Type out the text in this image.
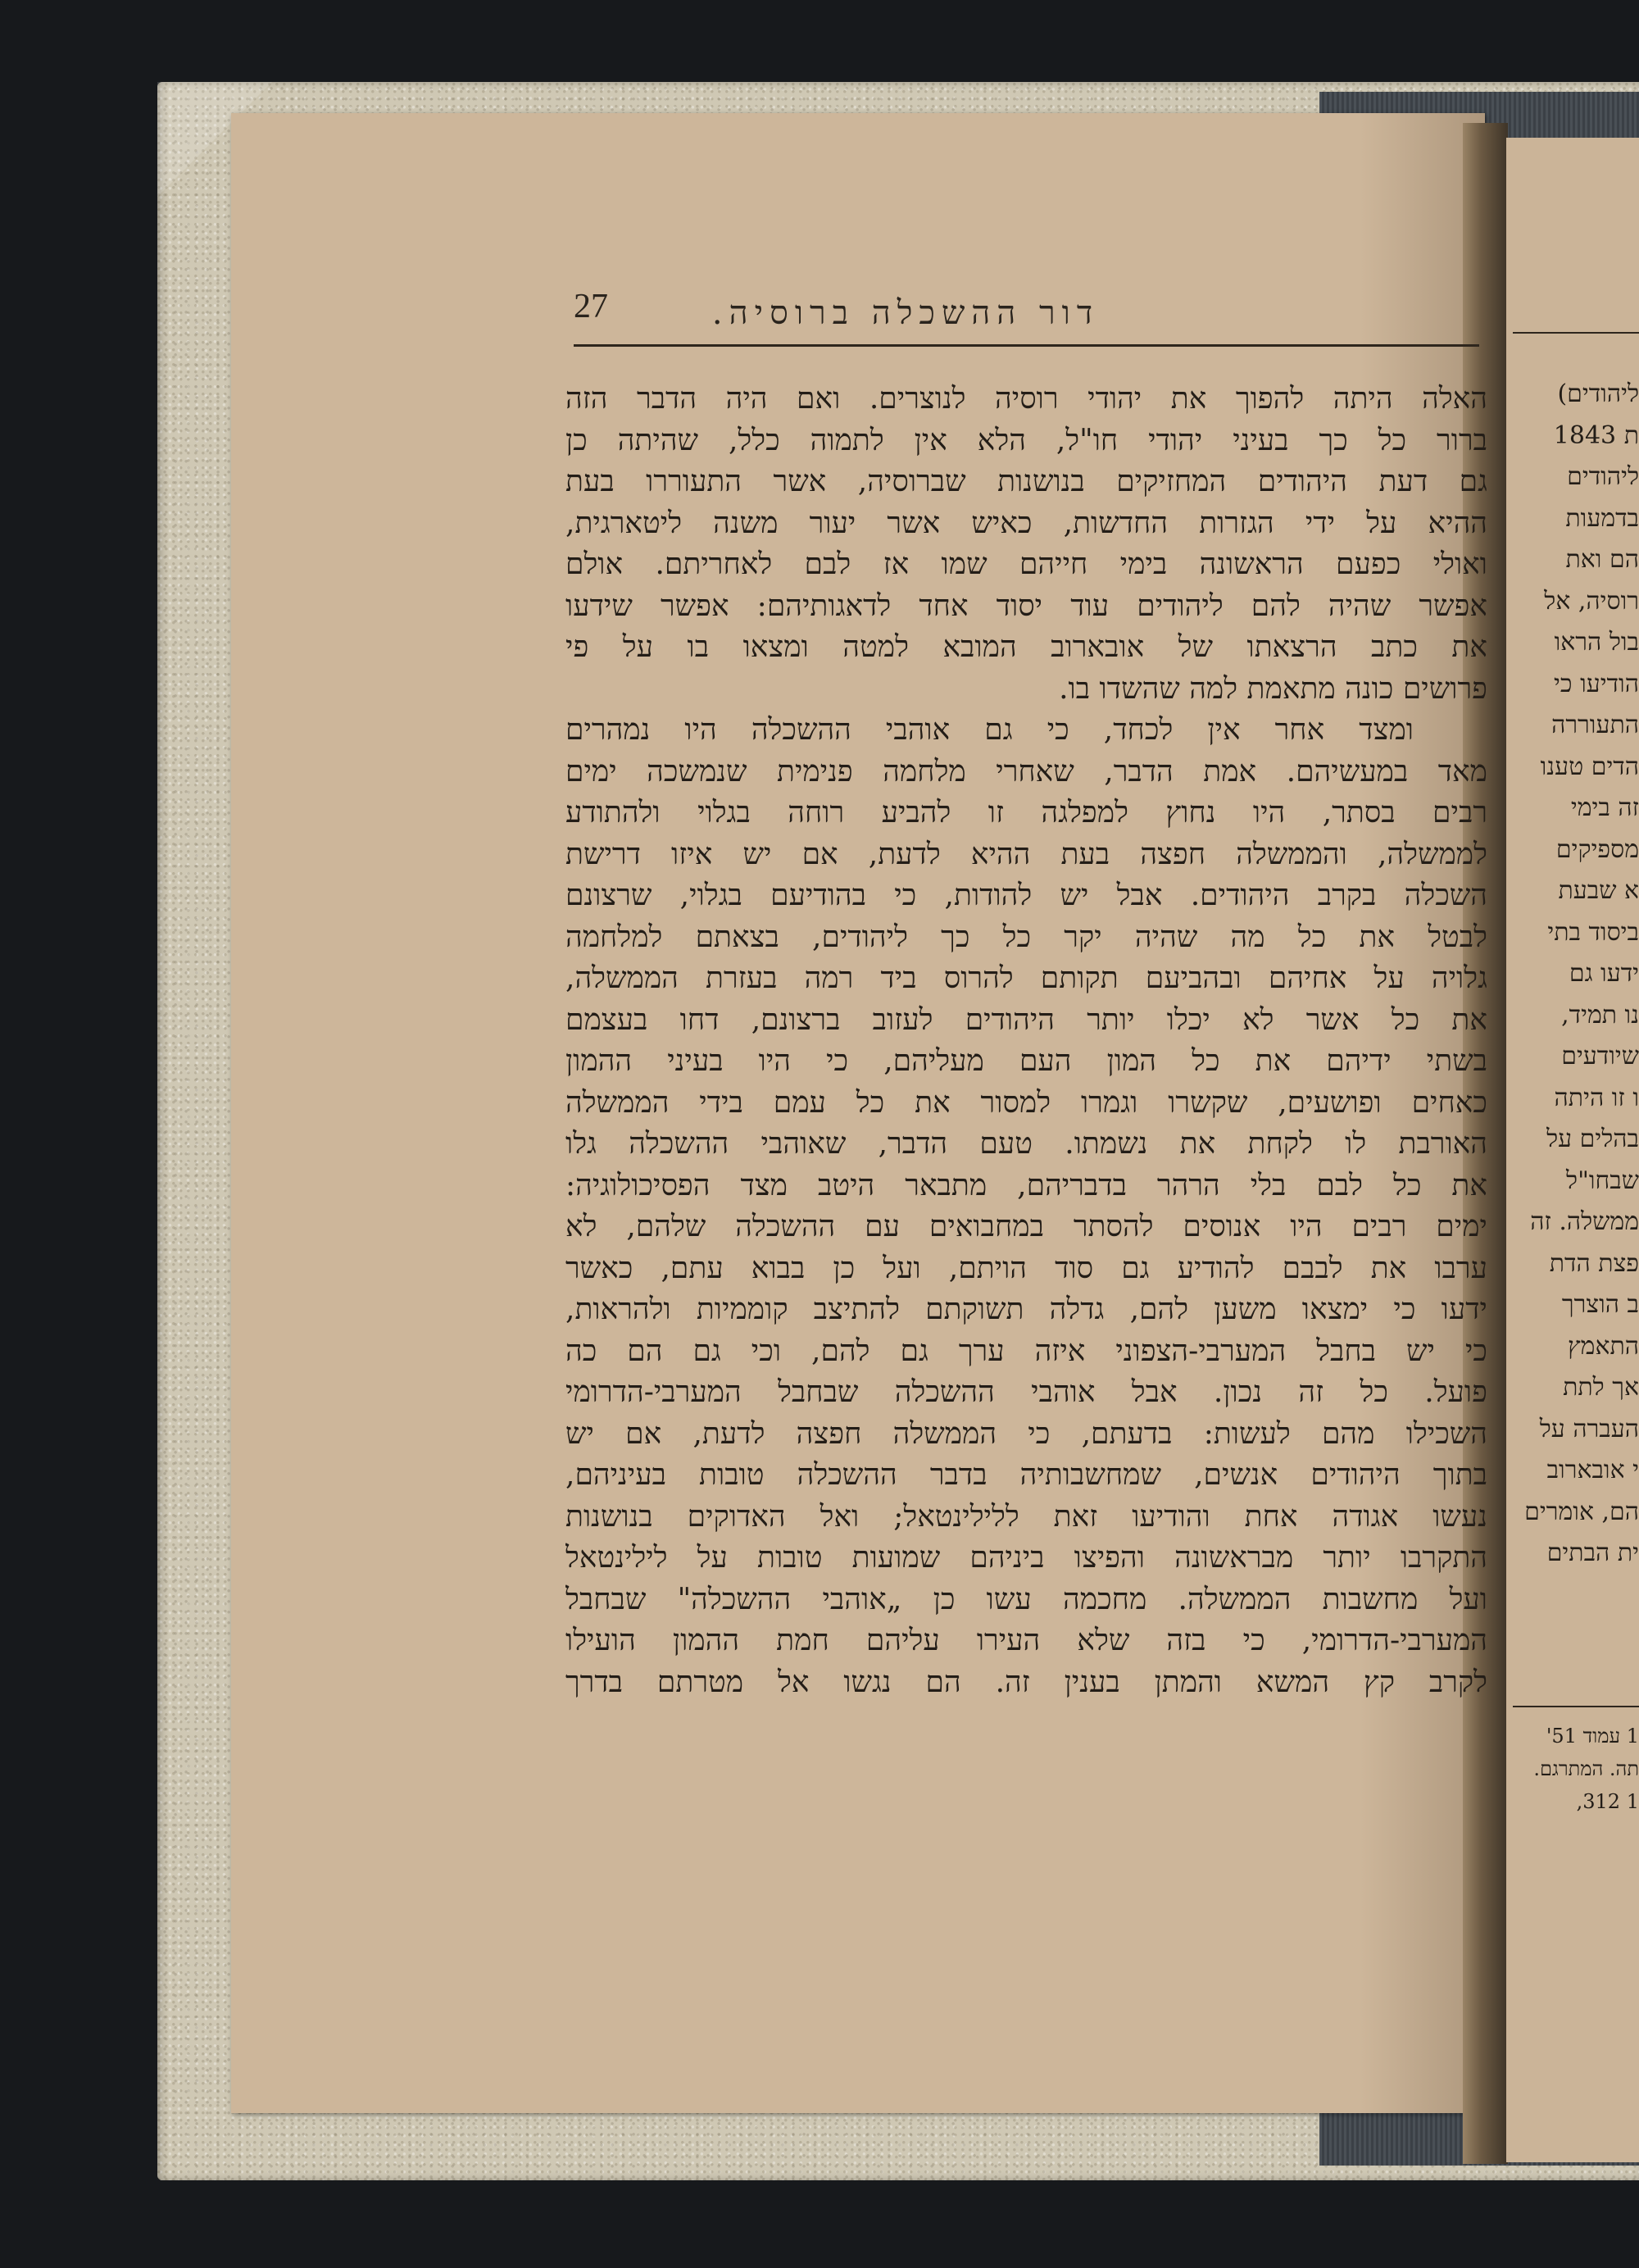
27	דור ההשכלה ברוסיה.
האלה היתה להפוך את יהודי רוסיה לנוצרים. ואם היה הדבר הזה
ברור כל כך בעיני יהודי חו"ל, הלא אין לתמוה כלל, שהיתה כן
גם דעת היהודים המחזיקים בנושנות שברוסיה, אשר התעוררו בעת
ההיא על ידי הגזרות החדשות, כאיש אשר יעור משנה ליטארגית,
ואולי כפעם הראשונה בימי חייהם שמו אז לבם לאחריתם. אולם
אפשר שהיה להם ליהודים עוד יסוד אחד לדאגותיהם: אפשר שידעו
את כתב הרצאתו של אובארוב המובא למטה ומצאו בו על פי
פרושים כונה מתאמת למה שהשדו בו.
ומצד אחר אין לכחד, כי גם אוהבי ההשכלה היו נמהרים
מאד במעשיהם. אמת הדבר, שאחרי מלחמה פנימית שנמשכה ימים
רבים בסתר, היו נחוץ למפלגה זו להביע רוחה בגלוי ולהתודע
לממשלה, והממשלה חפצה בעת ההיא לדעת, אם יש איזו דרישת
השכלה בקרב היהודים. אבל יש להודות, כי בהודיעם בגלוי, שרצונם
לבטל את כל מה שהיה יקר כל כך ליהודים, בצאתם למלחמה
גלויה על אחיהם ובהביעם תקותם להרוס ביד רמה בעזרת הממשלה,
את כל אשר לא יכלו יותר היהודים לעזוב ברצונם, דחו בעצמם
בשתי ידיהם את כל המון העם מעליהם, כי היו בעיני ההמון
כאחים ופושעים, שקשרו וגמרו למסור את כל עמם בידי הממשלה
האורבת לו לקחת את נשמתו. טעם הדבר, שאוהבי ההשכלה גלו
את כל לבם בלי הרהר בדבריהם, מתבאר היטב מצד הפסיכולוגיה:
ימים רבים היו אנוסים להסתר במחבואים עם ההשכלה שלהם, לא
ערבו את לבבם להודיע גם סוד הויתם, ועל כן בבוא עתם, כאשר
ידעו כי ימצאו משען להם, גדלה תשוקתם להתיצב קוממיות ולהראות,
כי יש בחבל המערבי-הצפוני איזה ערך גם להם, וכי גם הם כה
פועל. כל זה נכון. אבל אוהבי ההשכלה שבחבל המערבי-הדרומי
השכילו מהם לעשות: בדעתם, כי הממשלה חפצה לדעת, אם יש
בתוך היהודים אנשים, שמחשבותיה בדבר ההשכלה טובות בעיניהם,
נעשו אגודה אחת והודיעו זאת ללילינטאל; ואל האדוקים בנושנות
התקרבו יותר מבראשונה והפיצו ביניהם שמועות טובות על לילינטאל
ועל מחשבות הממשלה. מחכמה עשו כן „אוהבי ההשכלה" שבחבל
המערבי-הדרומי, כי בזה שלא העירו עליהם חמת ההמון הועילו
לקרב קץ המשא והמתן בענין זה. הם נגשו אל מטרתם בדרך
ליהודים)
ת 1843
ליהודים
בדמעות
הם ואת
רוסיה, אל
בול הראו
הודיעו כי
התעוררה
הדים טענו
זה בימי
מספיקים
א שבעת
ביסוד בתי
ידעו גם
נו תמיד,
שיודעים
ו זו היתה
בהלים על
שבחו"ל
ממשלה. זה
פצת הדת
ב הוצרך
התאמץ
אך לתת
העברה על
י אובארוב
הם, אומרים
ית הבתים
1 עמוד 51'
תה. המתרגם.
1 312,
